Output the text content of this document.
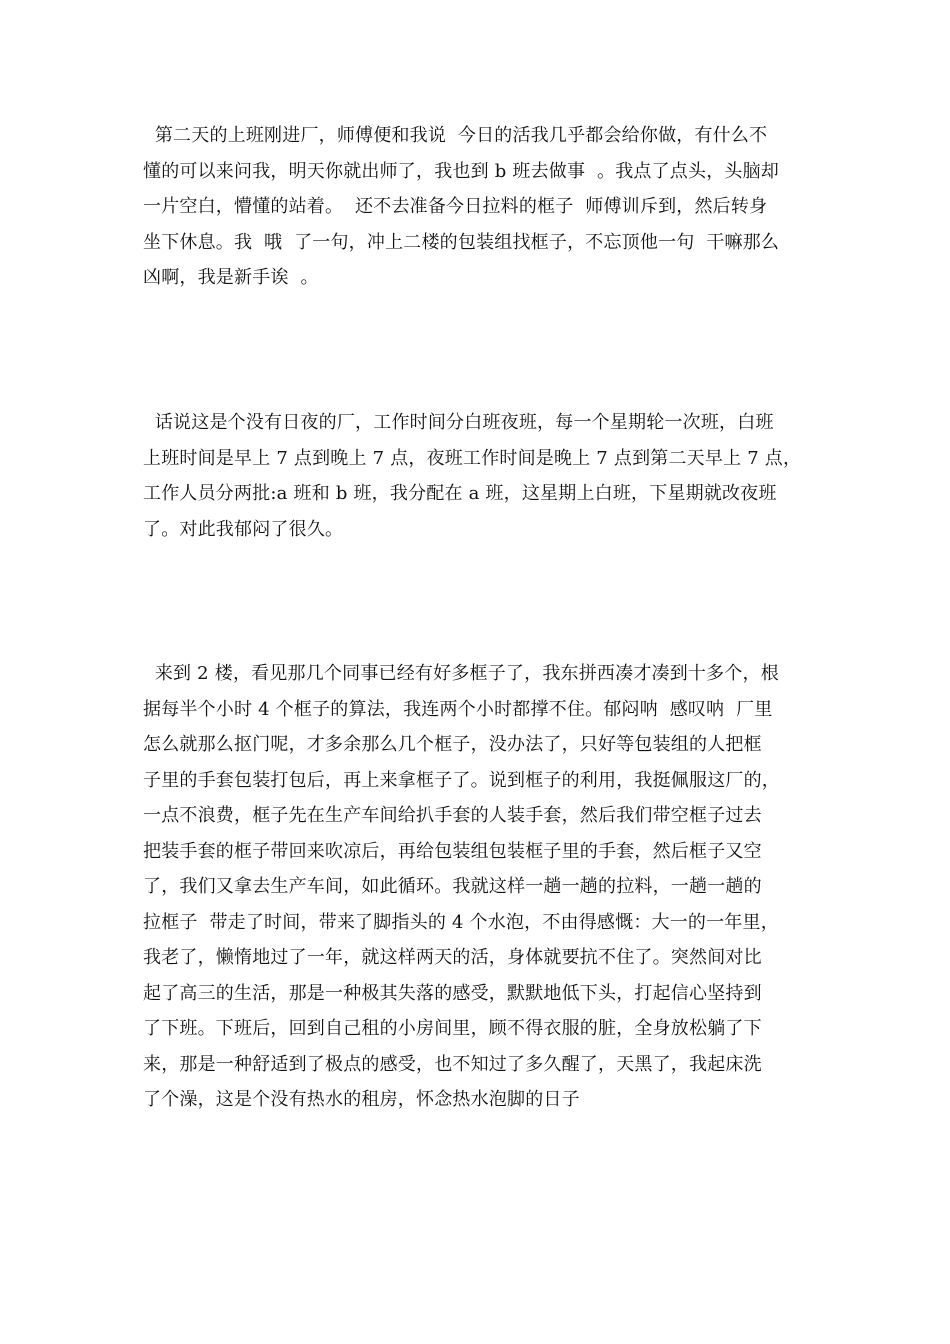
第二天的上班刚进厂，师傅便和我说  今日的活我几乎都会给你做，有什么不
懂的可以来问我，明天你就出师了，我也到 b 班去做事  。我点了点头，头脑却
一片空白，懵懂的站着。  还不去准备今日拉料的框子  师傅训斥到，然后转身
坐下休息。我  哦  了一句，冲上二楼的包装组找框子，不忘顶他一句  干嘛那么
凶啊，我是新手诶  。
话说这是个没有日夜的厂，工作时间分白班夜班，每一个星期轮一次班，白班
上班时间是早上 7 点到晚上 7 点，夜班工作时间是晚上 7 点到第二天早上 7 点，
工作人员分两批:a 班和 b 班，我分配在 a 班，这星期上白班，下星期就改夜班
了。对此我郁闷了很久。
来到 2 楼，看见那几个同事已经有好多框子了，我东拼西凑才凑到十多个，根
据每半个小时 4 个框子的算法，我连两个小时都撑不住。郁闷呐  感叹呐  厂里
怎么就那么抠门呢，才多余那么几个框子，没办法了，只好等包装组的人把框
子里的手套包装打包后，再上来拿框子了。说到框子的利用，我挺佩服这厂的，
一点不浪费，框子先在生产车间给扒手套的人装手套，然后我们带空框子过去
把装手套的框子带回来吹凉后，再给包装组包装框子里的手套，然后框子又空
了，我们又拿去生产车间，如此循环。我就这样一趟一趟的拉料，一趟一趟的
拉框子  带走了时间，带来了脚指头的 4 个水泡，不由得感慨：大一的一年里，
我老了，懒惰地过了一年，就这样两天的活，身体就要抗不住了。突然间对比
起了高三的生活，那是一种极其失落的感受，默默地低下头，打起信心坚持到
了下班。下班后，回到自己租的小房间里，顾不得衣服的脏，全身放松躺了下
来，那是一种舒适到了极点的感受，也不知过了多久醒了，天黑了，我起床洗
了个澡，这是个没有热水的租房，怀念热水泡脚的日子
